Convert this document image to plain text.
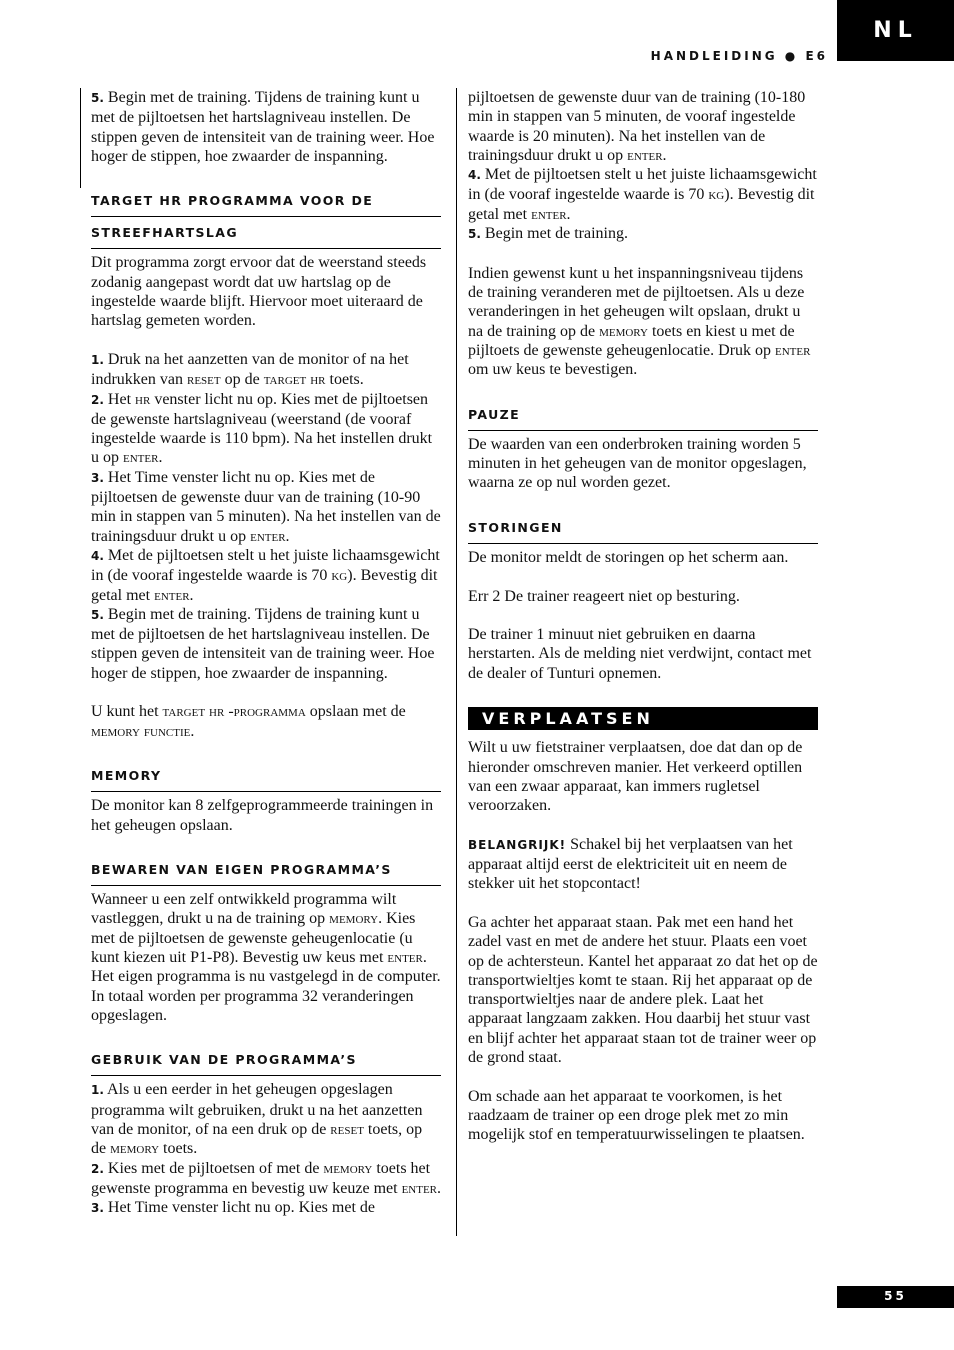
HANDLEIDING ● E6
NL
55

5. Begin met de training. Tijdens de training kunt u met de pijltoetsen het hartslagniveau instellen. De stippen geven de intensiteit van de training weer. Hoe hoger de stippen, hoe zwaarder de inspanning.

TARGET HR PROGRAMMA VOOR DE
STREEFHARTSLAG

Dit programma zorgt ervoor dat de weerstand steeds zodanig aangepast wordt dat uw hartslag op de ingestelde waarde blijft. Hiervoor moet uiteraard de hartslag gemeten worden.

1. Druk na het aanzetten van de monitor of na het indrukken van reset op de target hr toets.

2. Het hr venster licht nu op. Kies met de pijltoetsen de gewenste hartslagniveau (weerstand (de vooraf ingestelde waarde is 110 bpm). Na het instellen drukt u op enter.

3. Het Time venster licht nu op. Kies met de pijltoetsen de gewenste duur van de training (10-90 min in stappen van 5 minuten). Na het instellen van de trainingsduur drukt u op enter.

4. Met de pijltoetsen stelt u het juiste lichaamsgewicht in (de vooraf ingestelde waarde is 70 kg). Bevestig dit getal met enter.

5. Begin met de training. Tijdens de training kunt u met de pijltoetsen de het hartslagniveau instellen. De stippen geven de intensiteit van de training weer. Hoe hoger de stippen, hoe zwaarder de inspanning.

U kunt het target hr -programma opslaan met de memory functie.

MEMORY

De monitor kan 8 zelfgeprogrammeerde trainingen in het geheugen opslaan.

BEWAREN VAN EIGEN PROGRAMMA’S

Wanneer u een zelf ontwikkeld programma wilt vastleggen, drukt u na de training op memory. Kies met de pijltoetsen de gewenste geheugenlocatie (u kunt kiezen uit P1-P8). Bevestig uw keus met enter. Het eigen programma is nu vastgelegd in de computer. In totaal worden per programma 32 veranderingen opgeslagen.

GEBRUIK VAN DE PROGRAMMA’S

1. Als u een eerder in het geheugen opgeslagen programma wilt gebruiken, drukt u na het aanzetten van de monitor, of na een druk op de reset toets, op de memory toets.

2. Kies met de pijltoetsen of met de memory toets het gewenste programma en bevestig uw keuze met enter.

3. Het Time venster licht nu op. Kies met de

pijltoetsen de gewenste duur van de training (10-180 min in stappen van 5 minuten, de vooraf ingestelde waarde is 20 minuten). Na het instellen van de trainingsduur drukt u op enter.

4. Met de pijltoetsen stelt u het juiste lichaamsgewicht in (de vooraf ingestelde waarde is 70 kg). Bevestig dit getal met enter.

5. Begin met de training.

Indien gewenst kunt u het inspanningsniveau tijdens de training veranderen met de pijltoetsen. Als u deze veranderingen in het geheugen wilt opslaan, drukt u na de training op de memory toets en kiest u met de pijltoets de gewenste geheugenlocatie. Druk op enter om uw keus te bevestigen.

PAUZE

De waarden van een onderbroken training worden 5 minuten in het geheugen van de monitor opgeslagen, waarna ze op nul worden gezet.

STORINGEN

De monitor meldt de storingen op het scherm aan.

Err 2 De trainer reageert niet op besturing.

De trainer 1 minuut niet gebruiken en daarna herstarten. Als de melding niet verdwijnt, contact met de dealer of Tunturi opnemen.

VERPLAATSEN

Wilt u uw fietstrainer verplaatsen, doe dat dan op de hieronder omschreven manier. Het verkeerd optillen van een zwaar apparaat, kan immers rugletsel veroorzaken.

BELANGRIJK! Schakel bij het verplaatsen van het apparaat altijd eerst de elektriciteit uit en neem de stekker uit het stopcontact!

Ga achter het apparaat staan. Pak met een hand het zadel vast en met de andere het stuur. Plaats een voet op de achtersteun. Kantel het apparaat zo dat het op de transportwieltjes komt te staan. Rij het apparaat op de transportwieltjes naar de andere plek. Laat het apparaat langzaam zakken. Hou daarbij het stuur vast en blijf achter het apparaat staan tot de trainer weer op de grond staat.

Om schade aan het apparaat te voorkomen, is het raadzaam de trainer op een droge plek met zo min mogelijk stof en temperatuurwisselingen te plaatsen.
